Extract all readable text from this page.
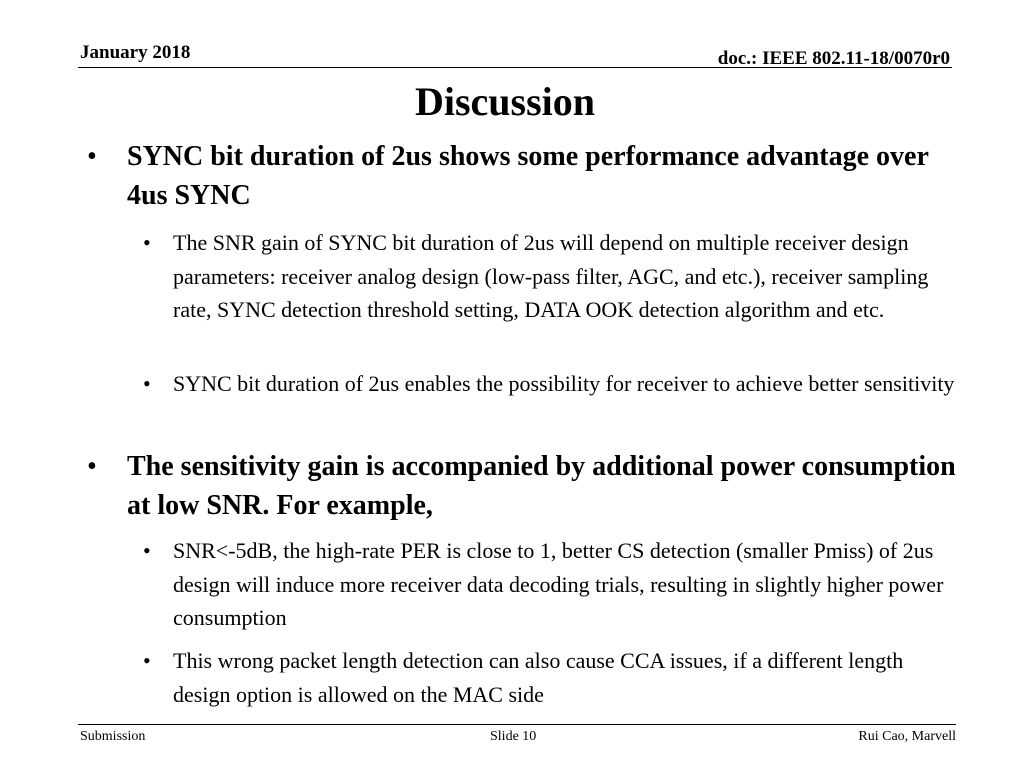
January 2018	doc.: IEEE 802.11-18/0070r0
Discussion
• SYNC bit duration of 2us shows some performance advantage over 4us SYNC
• The SNR gain of SYNC bit duration of 2us will depend on multiple receiver design parameters: receiver analog design (low-pass filter, AGC, and etc.), receiver sampling rate, SYNC detection threshold setting, DATA OOK detection algorithm and etc.
• SYNC bit duration of 2us enables the possibility for receiver to achieve better sensitivity
• The sensitivity gain is accompanied by additional power consumption at low SNR. For example,
• SNR<-5dB, the high-rate PER is close to 1, better CS detection (smaller Pmiss) of 2us design will induce more receiver data decoding trials, resulting in slightly higher power consumption
• This wrong packet length detection can also cause CCA issues, if a different length design option is allowed on the MAC side
Submission	Slide 10	Rui Cao, Marvell
